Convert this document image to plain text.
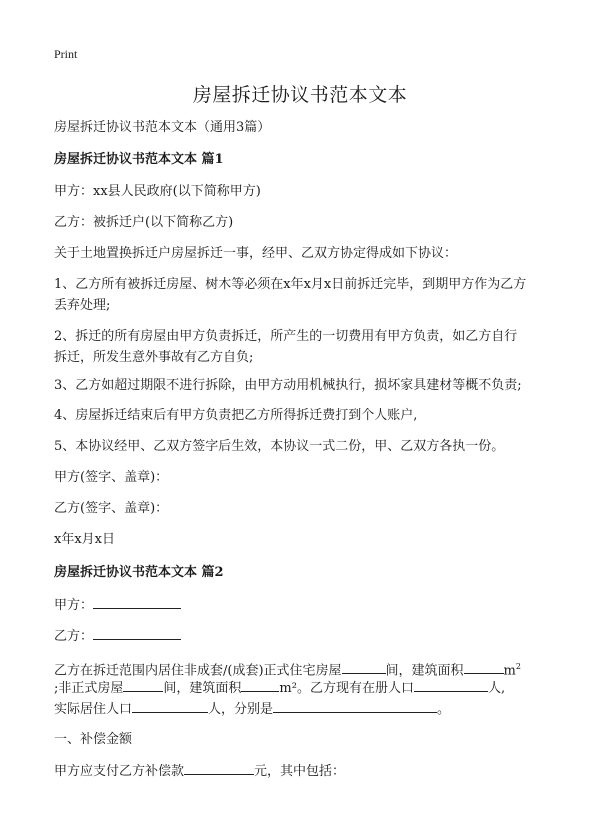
Print
房屋拆迁协议书范本文本
房屋拆迁协议书范本文本（通用3篇）
房屋拆迁协议书范本文本 篇1
甲方：xx县人民政府(以下简称甲方)
乙方：被拆迁户(以下简称乙方)
关于土地置换拆迁户房屋拆迁一事，经甲、乙双方协定得成如下协议：
1、乙方所有被拆迁房屋、树木等必须在x年x月x日前拆迁完毕，到期甲方作为乙方
丢弃处理;
2、拆迁的所有房屋由甲方负责拆迁，所产生的一切费用有甲方负责，如乙方自行
拆迁，所发生意外事故有乙方自负;
3、乙方如超过期限不进行拆除，由甲方动用机械执行，损坏家具建材等概不负责;
4、房屋拆迁结束后有甲方负责把乙方所得拆迁费打到个人账户,
5、本协议经甲、乙双方签字后生效，本协议一式二份，甲、乙双方各执一份。
甲方(签字、盖章)：
乙方(签字、盖章)：
x年x月x日
房屋拆迁协议书范本文本 篇2
甲方：
乙方：
乙方在拆迁范围内居住非成套/(成套)正式住宅房屋	间，建筑面积	$m^2$
;非正式房屋	间，建筑面积	m²。乙方现有在册人口	人,
实际居住人口	人，分别是	。
一、补偿金额
甲方应支付乙方补偿款	元，其中包括：
